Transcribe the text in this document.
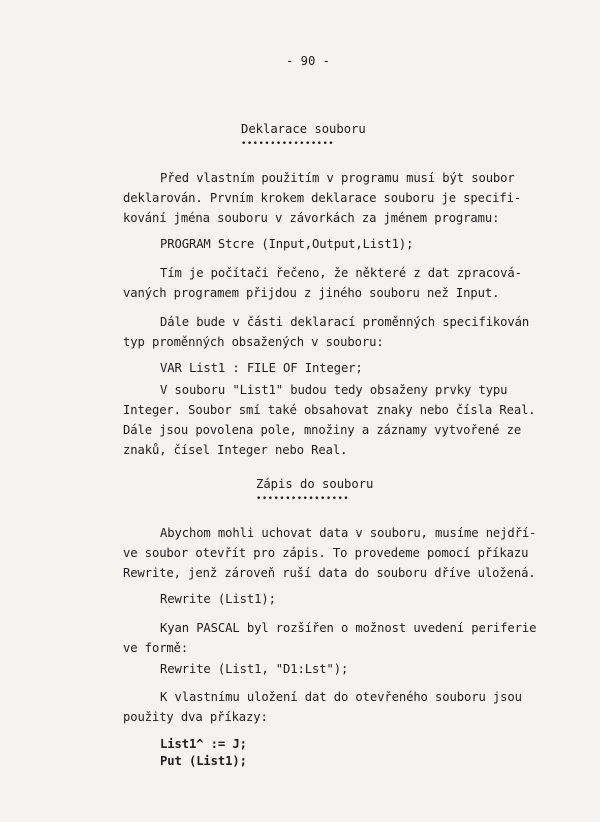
- 90 -
Deklarace souboru
••••••••••••••••
Před vlastním použitím v programu musí být soubor
deklarován. Prvním krokem deklarace souboru je specifi-
kování jména souboru v závorkách za jménem programu:
PROGRAM Stcre (Input,Output,List1);
Tím je počítači řečeno, že některé z dat zpracová-
vaných programem přijdou z jiného souboru než Input.
Dále bude v části deklarací proměnných specifikován
typ proměnných obsažených v souboru:
VAR List1 : FILE OF Integer;
V souboru "List1" budou tedy obsaženy prvky typu
Integer. Soubor smí také obsahovat znaky nebo čísla Real.
Dále jsou povolena pole, množiny a záznamy vytvořené ze
znaků, čísel Integer nebo Real.
Zápis do souboru
••••••••••••••••
Abychom mohli uchovat data v souboru, musíme nejdří-
ve soubor otevřít pro zápis. To provedeme pomocí příkazu
Rewrite, jenž zároveň ruší data do souboru dříve uložená.
Rewrite (List1);
Kyan PASCAL byl rozšířen o možnost uvedení periferie
ve formě:
Rewrite (List1, "D1:Lst");
K vlastnímu uložení dat do otevřeného souboru jsou
použity dva příkazy:
List1^ := J;
Put (List1);
